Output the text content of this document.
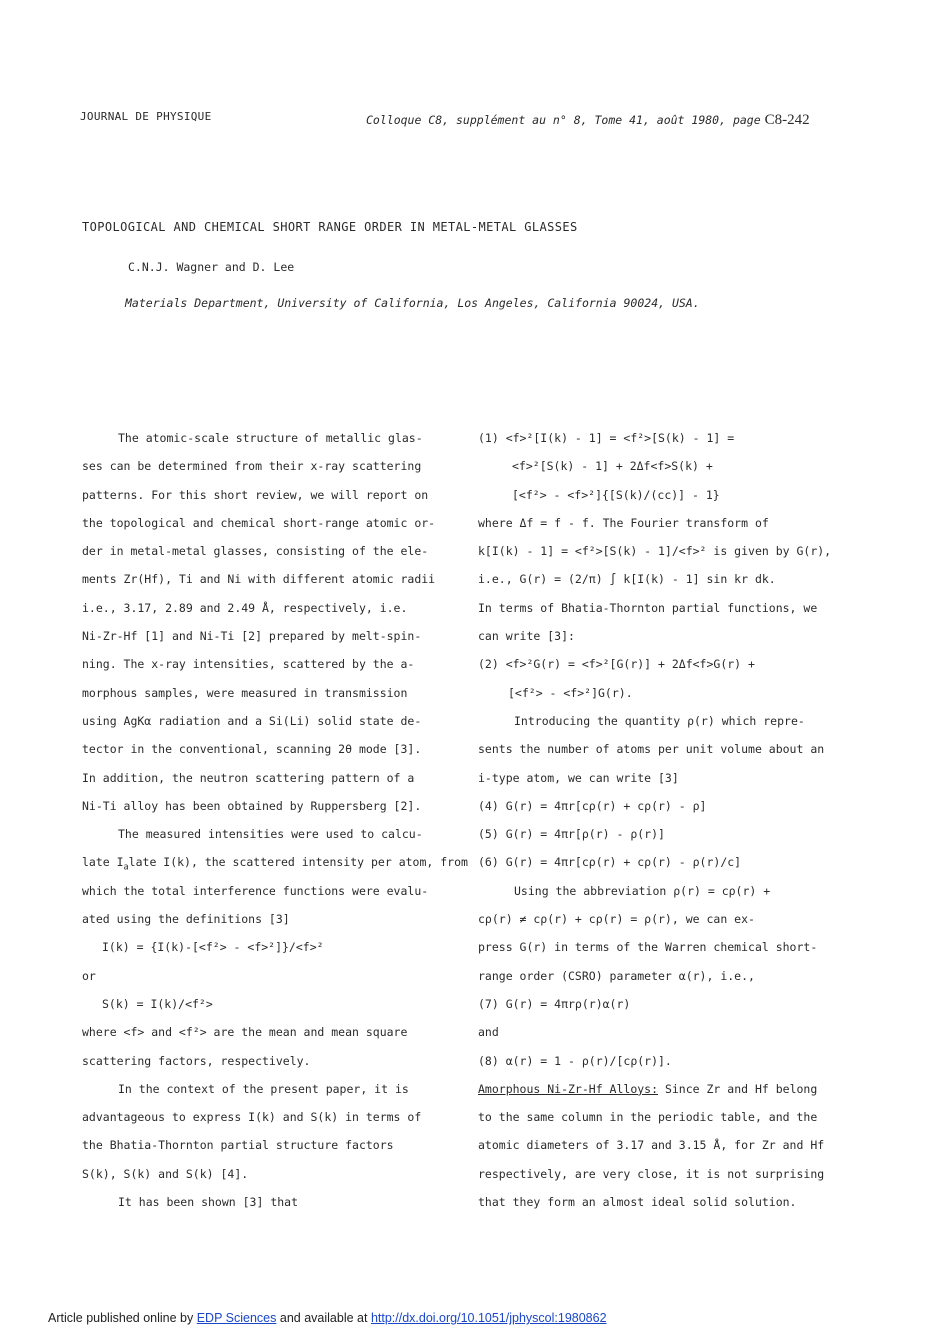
JOURNAL DE PHYSIQUE	Colloque C8, supplément au n° 8, Tome 41, août 1980, page C8-242
TOPOLOGICAL AND CHEMICAL SHORT RANGE ORDER IN METAL-METAL GLASSES
C.N.J. Wagner and D. Lee
Materials Department, University of California, Los Angeles, California 90024, USA.
The atomic-scale structure of metallic glas-
ses can be determined from their x-ray scattering
patterns. For this short review, we will report on
the topological and chemical short-range atomic or-
der in metal-metal glasses, consisting of the ele-
ments Zr(Hf), Ti and Ni with different atomic radii
i.e., 3.17, 2.89 and 2.49 Å, respectively, i.e.
Ni-Zr-Hf [1] and Ni-Ti [2] prepared by melt-spin-
ning. The x-ray intensities, scattered by the a-
morphous samples, were measured in transmission
using AgKα radiation and a Si(Li) solid state de-
tector in the conventional, scanning 2θ mode [3].
In addition, the neutron scattering pattern of a
Ni-Ti alloy has been obtained by Ruppersberg [2].
The measured intensities were used to calcu-
late $I_alate$ I(k), the scattered intensity per atom, from
which the total interference functions were evalu-
ated using the definitions [3]
I(k) = {I(k)-[<f²> - <f>²]}/<f>²
or
S(k) = I(k)/<f²>
where <f> and <f²> are the mean and mean square
scattering factors, respectively.
In the context of the present paper, it is
advantageous to express I(k) and S(k) in terms of
the Bhatia-Thornton partial structure factors
S(k), S(k) and S(k) [4].
It has been shown [3] that
(1) <f>²[I(k) - 1] = <f²>[S(k) - 1] =
<f>²[S(k) - 1] + 2Δf<f>S(k) +
[<f²> - <f>²]{[S(k)/(cc)] - 1}
where Δf = f - f. The Fourier transform of
k[I(k) - 1] = <f²>[S(k) - 1]/<f>² is given by G(r),
i.e., G(r) = (2/π) ∫ k[I(k) - 1] sin kr dk.
In terms of Bhatia-Thornton partial functions, we
can write [3]:
(2) <f>²G(r) = <f>²[G(r)] + 2Δf<f>G(r) +
[<f²> - <f>²]G(r).
Introducing the quantity ρ(r) which repre-
sents the number of atoms per unit volume about an
i-type atom, we can write [3]
(4) G(r) = 4πr[cρ(r) + cρ(r) - ρ]
(5) G(r) = 4πr[ρ(r) - ρ(r)]
(6) G(r) = 4πr[cρ(r) + cρ(r) - ρ(r)/c]
Using the abbreviation ρ(r) = cρ(r) +
cρ(r) ≠ cρ(r) + cρ(r) = ρ(r), we can ex-
press G(r) in terms of the Warren chemical short-
range order (CSRO) parameter α(r), i.e.,
(7) G(r) = 4πrρ(r)α(r)
and
(8) α(r) = 1 - ρ(r)/[cρ(r)].
Amorphous Ni-Zr-Hf Alloys: Since Zr and Hf belong
to the same column in the periodic table, and the
atomic diameters of 3.17 and 3.15 Å, for Zr and Hf
respectively, are very close, it is not surprising
that they form an almost ideal solid solution.
Article published online by EDP Sciences and available at http://dx.doi.org/10.1051/jphyscol:1980862
